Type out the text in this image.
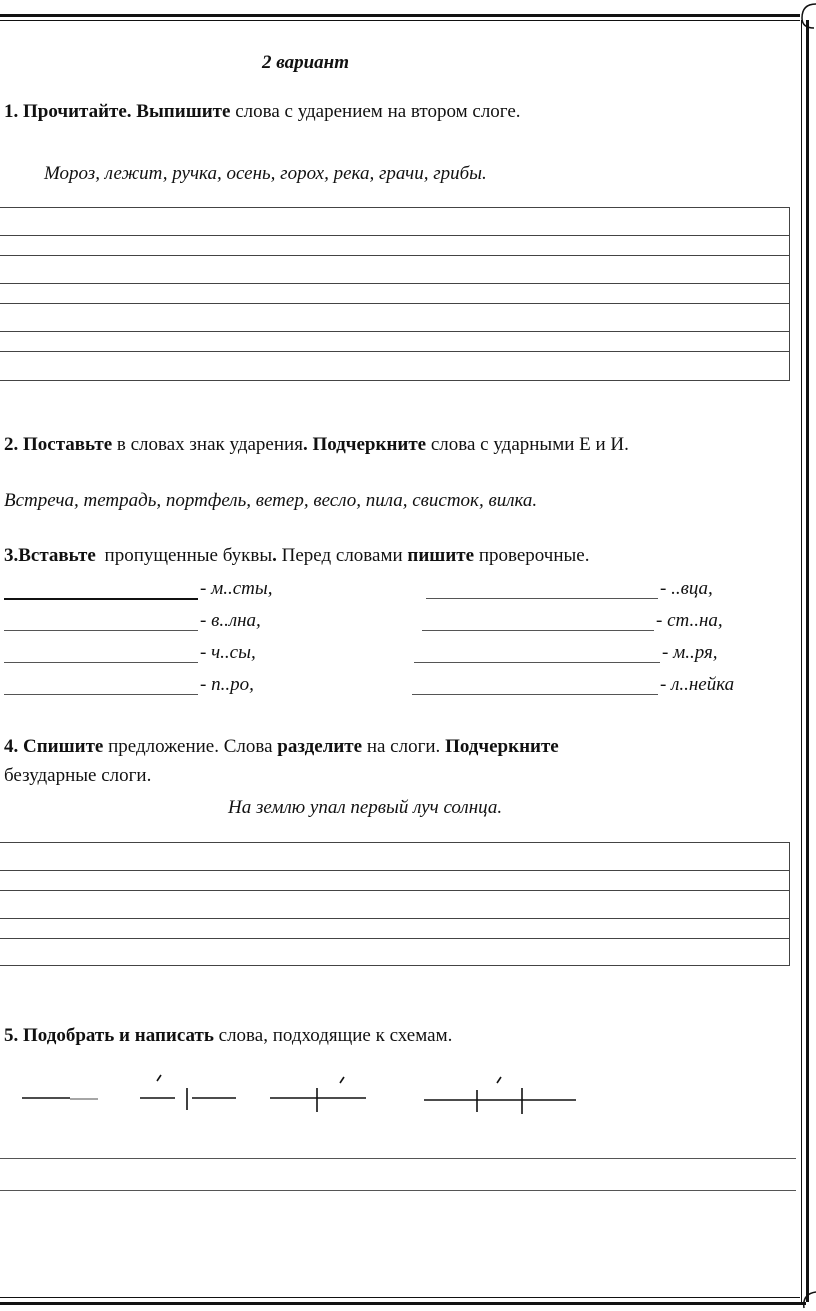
2 вариант
1. Прочитайте. Выпишите слова с ударением на втором слоге.
Мороз, лежит, ручка, осень, горох, река, грачи, грибы.
2. Поставьте в словах знак ударения. Подчеркните слова с ударными Е и И.
Встреча, тетрадь, портфель, ветер, весло, пила, свисток, вилка.
3.Вставьте пропущенные буквы. Перед словами пишите проверочные.
- м..сты,
- в..лна,
- ч..сы,
- п..ро,
- ..вца,
- ст..на,
- м..ря,
- л..нейка
4. Спишите предложение. Слова разделите на слоги. Подчеркните
безударные слоги.
На землю упал первый луч солнца.
5. Подобрать и написать слова, подходящие к схемам.
